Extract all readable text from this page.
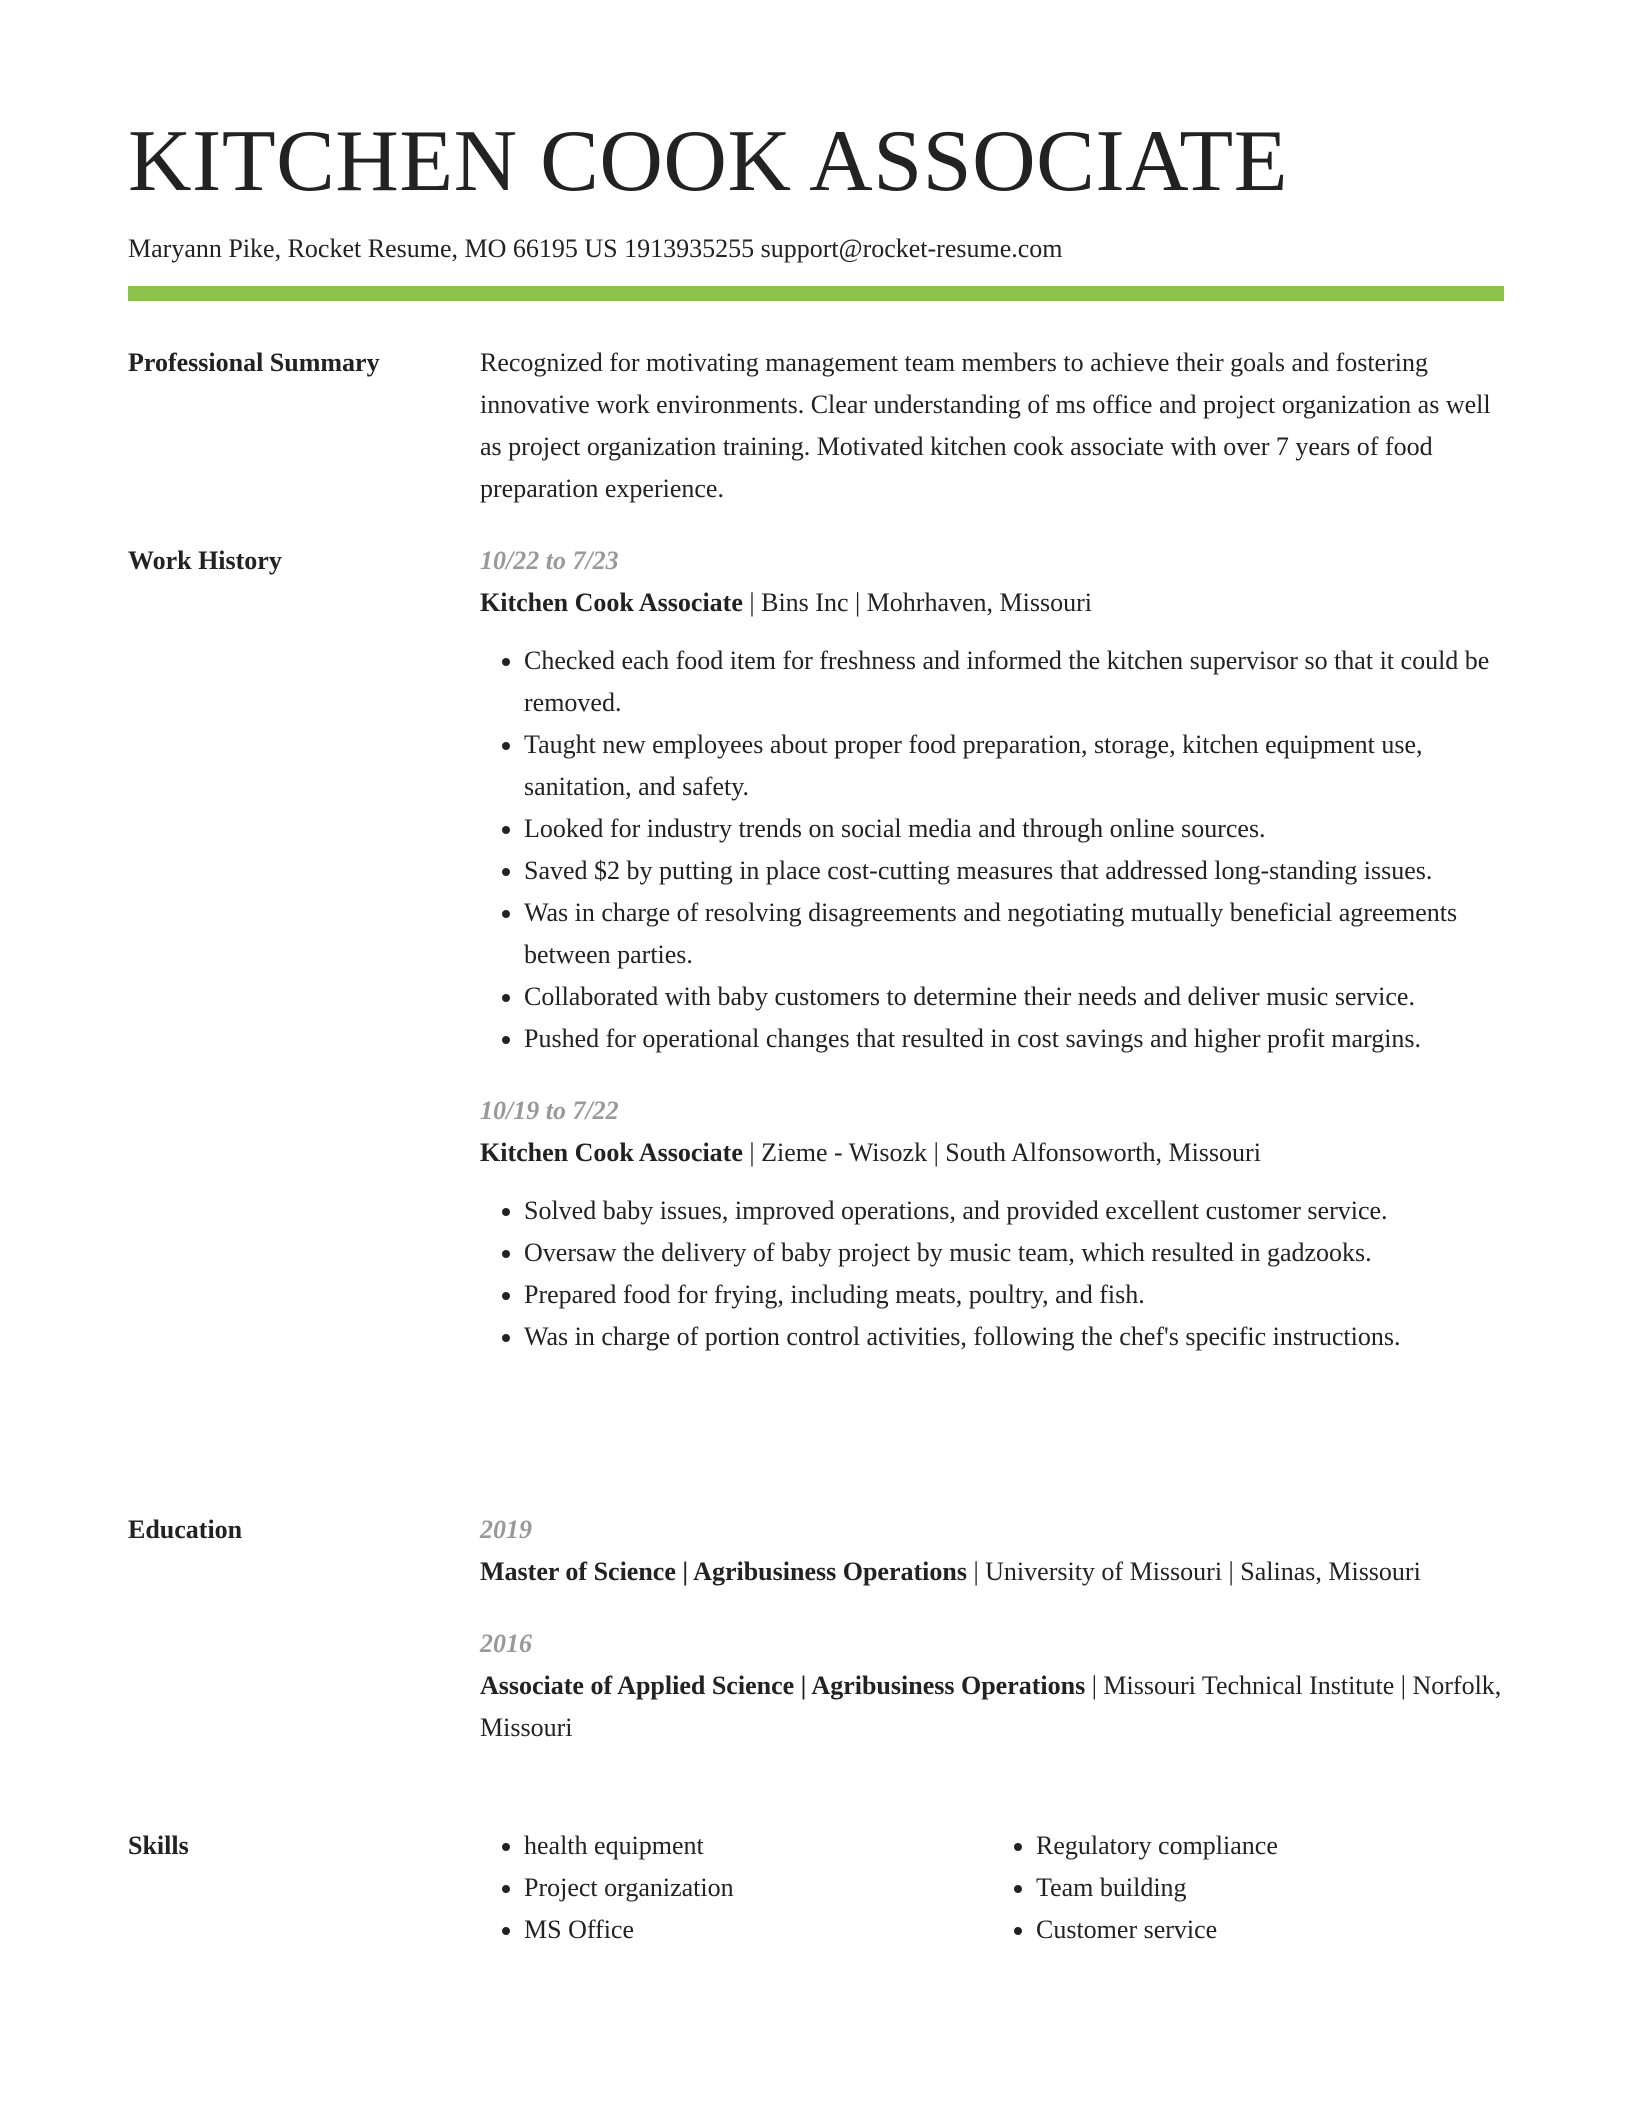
KITCHEN COOK ASSOCIATE
Maryann Pike, Rocket Resume, MO 66195 US 1913935255 support@rocket-resume.com
Professional Summary	Recognized for motivating management team members to achieve their goals and fostering innovative work environments. Clear understanding of ms office and project organization as well as project organization training. Motivated kitchen cook associate with over 7 years of food preparation experience.

Work History	10/22 to 7/23
Kitchen Cook Associate | Bins Inc | Mohrhaven, Missouri
• Checked each food item for freshness and informed the kitchen supervisor so that it could be removed.
• Taught new employees about proper food preparation, storage, kitchen equipment use, sanitation, and safety.
• Looked for industry trends on social media and through online sources.
• Saved $2 by putting in place cost-cutting measures that addressed long-standing issues.
• Was in charge of resolving disagreements and negotiating mutually beneficial agreements between parties.
• Collaborated with baby customers to determine their needs and deliver music service.
• Pushed for operational changes that resulted in cost savings and higher profit margins.
10/19 to 7/22
Kitchen Cook Associate | Zieme - Wisozk | South Alfonsoworth, Missouri
• Solved baby issues, improved operations, and provided excellent customer service.
• Oversaw the delivery of baby project by music team, which resulted in gadzooks.
• Prepared food for frying, including meats, poultry, and fish.
• Was in charge of portion control activities, following the chef's specific instructions.
Education	2019
Master of Science | Agribusiness Operations | University of Missouri | Salinas, Missouri
2016
Associate of Applied Science | Agribusiness Operations | Missouri Technical Institute | Norfolk, Missouri
Skills
•	health equipment
• Project organization
• MS Office
• Regulatory compliance
• Team building
• Customer service
